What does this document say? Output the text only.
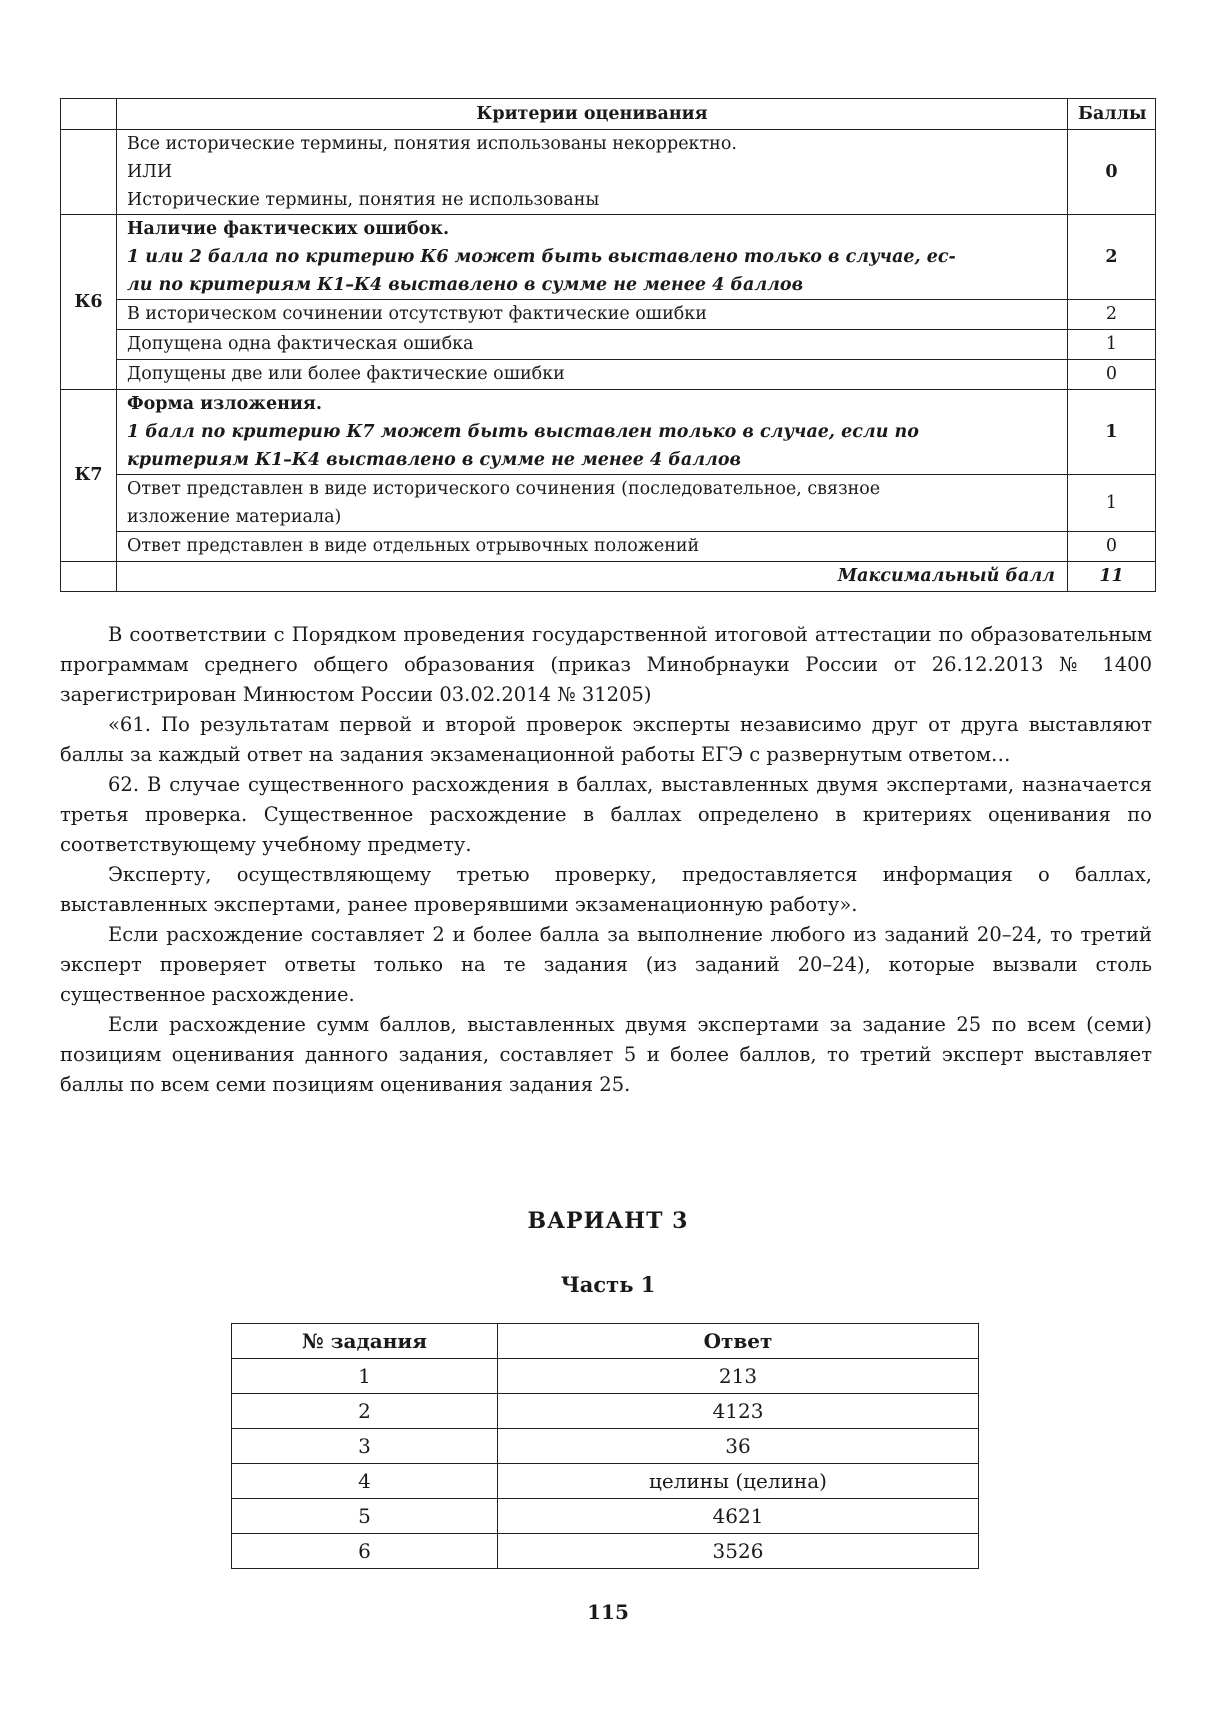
	Критерии оценивания	Баллы

	Все исторические термины, понятия использованы некорректно.
ИЛИ
Исторические термины, понятия не использованы	0
К6	Наличие фактических ошибок.
1 или 2 балла по критерию К6 может быть выставлено только в случае, ес-
ли по критериям К1–К4 выставлено в сумме не менее 4 баллов	2
	В историческом сочинении отсутствуют фактические ошибки	2
	Допущена одна фактическая ошибка	1
	Допущены две или более фактические ошибки	0
К7	Форма изложения.
1 балл по критерию К7 может быть выставлен только в случае, если по
критериям К1–К4 выставлено в сумме не менее 4 баллов	1

	Ответ представлен в виде исторического сочинения (последовательное, связное
изложение материала)	1
	Ответ представлен в виде отдельных отрывочных положений	0
	Максимальный балл	11

В соответствии с Порядком проведения государственной итоговой аттестации по образовательным программам среднего общего образования (приказ Минобрнауки России от 26.12.2013 № 1400 зарегистрирован Минюстом России 03.02.2014 № 31205)

«61. По результатам первой и второй проверок эксперты независимо друг от друга выставляют баллы за каждый ответ на задания экзаменационной работы ЕГЭ с развернутым ответом…

62. В случае существенного расхождения в баллах, выставленных двумя экспертами, назначается третья проверка. Существенное расхождение в баллах определено в критериях оценивания по соответствующему учебному предмету.

Эксперту, осуществляющему третью проверку, предоставляется информация о баллах, выставленных экспертами, ранее проверявшими экзаменационную работу».

Если расхождение составляет 2 и более балла за выполнение любого из заданий 20–24, то третий эксперт проверяет ответы только на те задания (из заданий 20–24), которые вызвали столь существенное расхождение.

Если расхождение сумм баллов, выставленных двумя экспертами за задание 25 по всем (семи) позициям оценивания данного задания, составляет 5 и более баллов, то третий эксперт выставляет баллы по всем семи позициям оценивания задания 25.

ВАРИАНТ 3
Часть 1
№ задания	Ответ
1	213
2	4123
3	36
4	целины (целина)
5	4621
6	3526
115
